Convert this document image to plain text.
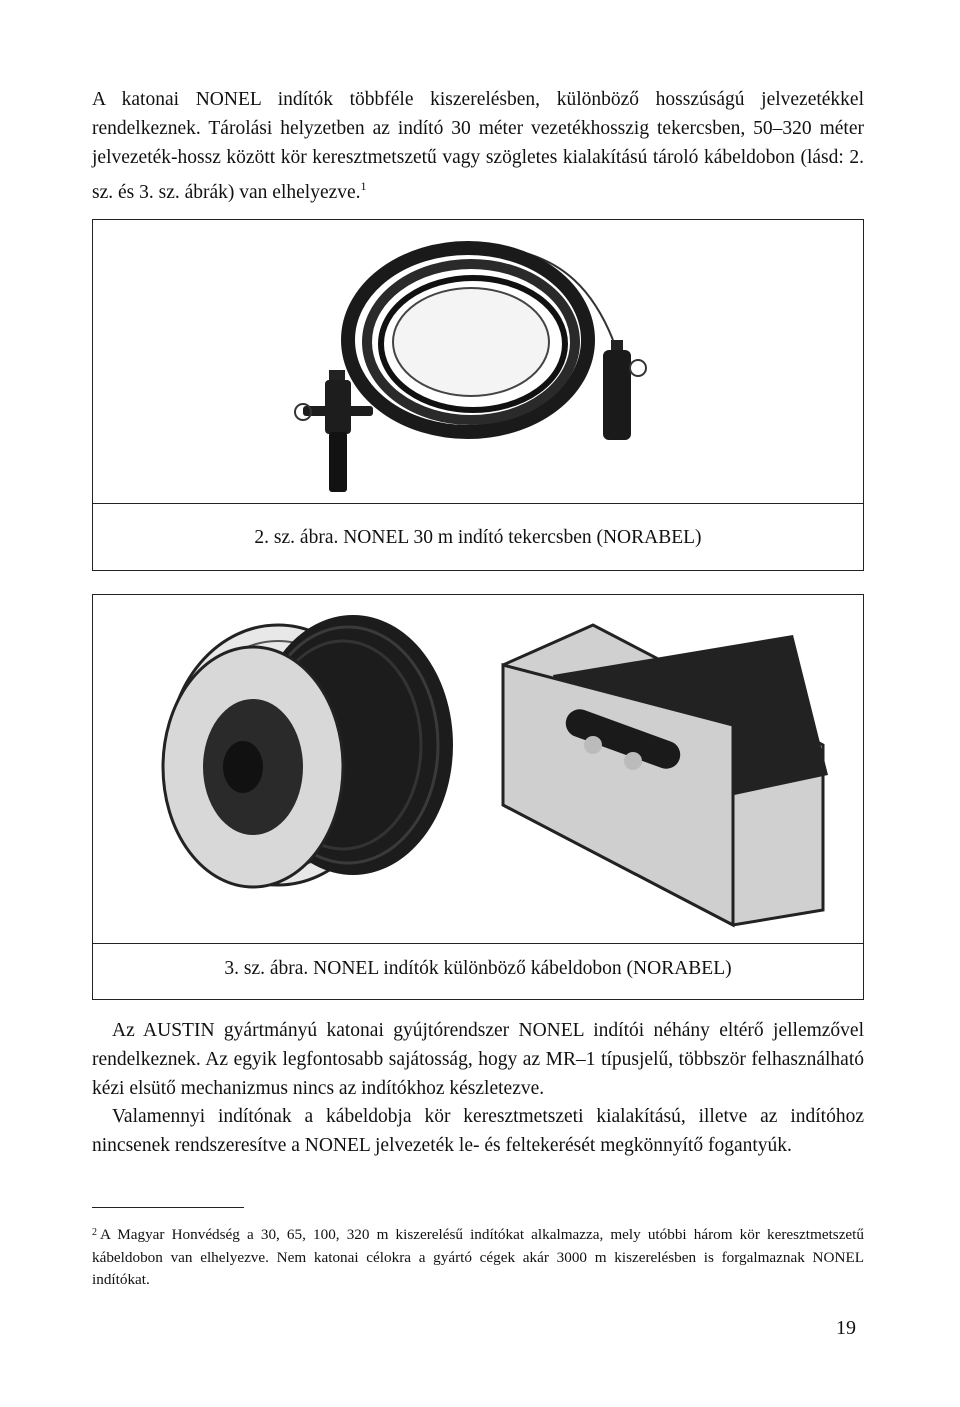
A katonai NONEL indítók többféle kiszerelésben, különböző hosszúságú jelvezetékkel rendelkeznek. Tárolási helyzetben az indító 30 méter vezetékhosszig tekercsben, 50–320 méter jelvezeték-hossz között kör keresztmetszetű vagy szögletes kialakítású tároló kábeldobon (lásd: 2. sz. és 3. sz. ábrák) van elhelyezve.$^1$

2. sz. ábra. NONEL 30 m indító tekercsben (NORABEL)
3. sz. ábra. NONEL indítók különböző kábeldobon (NORABEL)

Az AUSTIN gyártmányú katonai gyújtórendszer NONEL indítói néhány eltérő jellemzővel rendelkeznek. Az egyik legfontosabb sajátosság, hogy az MR–1 típusjelű, többször felhasználható kézi elsütő mechanizmus nincs az indítókhoz készletezve.

Valamennyi indítónak a kábeldobja kör keresztmetszeti kialakítású, illetve az indítóhoz nincsenek rendszeresítve a NONEL jelvezeték le- és feltekerését megkönnyítő fogantyúk.

$^2$ A Magyar Honvédség a 30, 65, 100, 320 m kiszerelésű indítókat alkalmazza, mely utóbbi három kör keresztmetszetű kábeldobon van elhelyezve. Nem katonai célokra a gyártó cégek akár 3000 m kiszerelésben is forgalmaznak NONEL indítókat.
19
